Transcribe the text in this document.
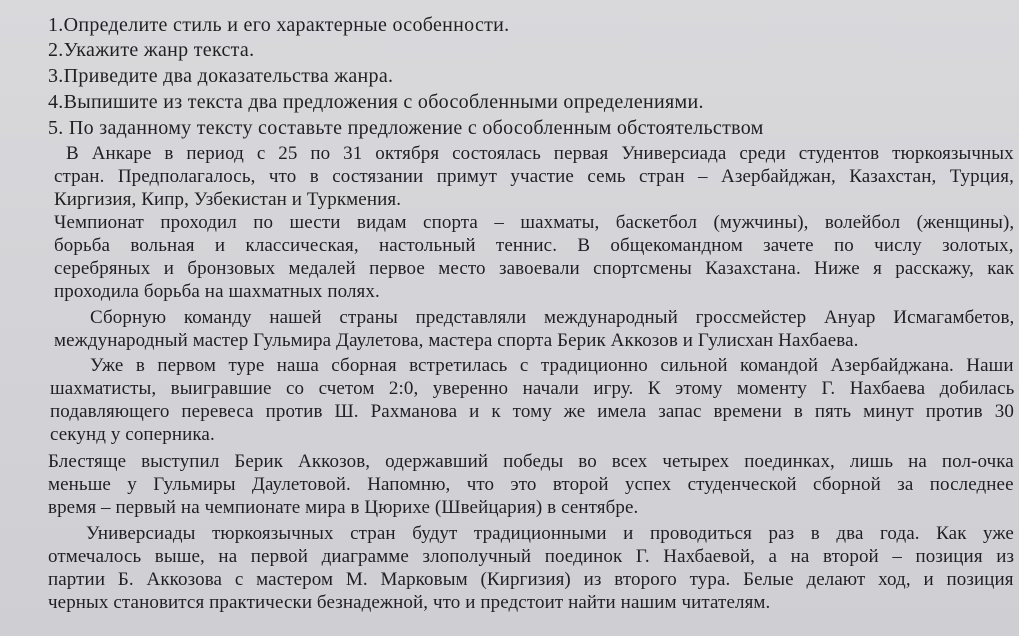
1.Определите стиль и его характерные особенности.
2.Укажите жанр текста.
3.Приведите два доказательства жанра.
4.Выпишите из текста два предложения с обособленными определениями.
5. По заданному тексту составьте предложение с обособленным обстоятельством
В Анкаре в период с 25 по 31 октября состоялась первая Универсиада среди студентов тюркоязычных
стран. Предполагалось, что в состязании примут участие семь стран – Азербайджан, Казахстан, Турция,
Киргизия, Кипр, Узбекистан и Туркмения.
Чемпионат проходил по шести видам спорта – шахматы, баскетбол (мужчины), волейбол (женщины),
борьба вольная и классическая, настольный теннис. В общекомандном зачете по числу золотых,
серебряных и бронзовых медалей первое место завоевали спортсмены Казахстана. Ниже я расскажу, как
проходила борьба на шахматных полях.
Сборную команду нашей страны представляли международный гроссмейстер Ануар Исмагамбетов,
международный мастер Гульмира Даулетова, мастера спорта Берик Аккозов и Гулисхан Нахбаева.
Уже в первом туре наша сборная встретилась с традиционно сильной командой Азербайджана. Наши
шахматисты, выигравшие со счетом 2:0, уверенно начали игру. К этому моменту Г. Нахбаева добилась
подавляющего перевеса против Ш. Рахманова и к тому же имела запас времени в пять минут против 30
секунд у соперника.
Блестяще выступил Берик Аккозов, одержавший победы во всех четырех поединках, лишь на пол-очка
меньше у Гульмиры Даулетовой. Напомню, что это второй успех студенческой сборной за последнее
время – первый на чемпионате мира в Цюрихе (Швейцария) в сентябре.
Универсиады тюркоязычных стран будут традиционными и проводиться раз в два года. Как уже
отмечалось выше, на первой диаграмме злополучный поединок Г. Нахбаевой, а на второй – позиция из
партии Б. Аккозова с мастером М. Марковым (Киргизия) из второго тура. Белые делают ход, и позиция
черных становится практически безнадежной, что и предстоит найти нашим читателям.
